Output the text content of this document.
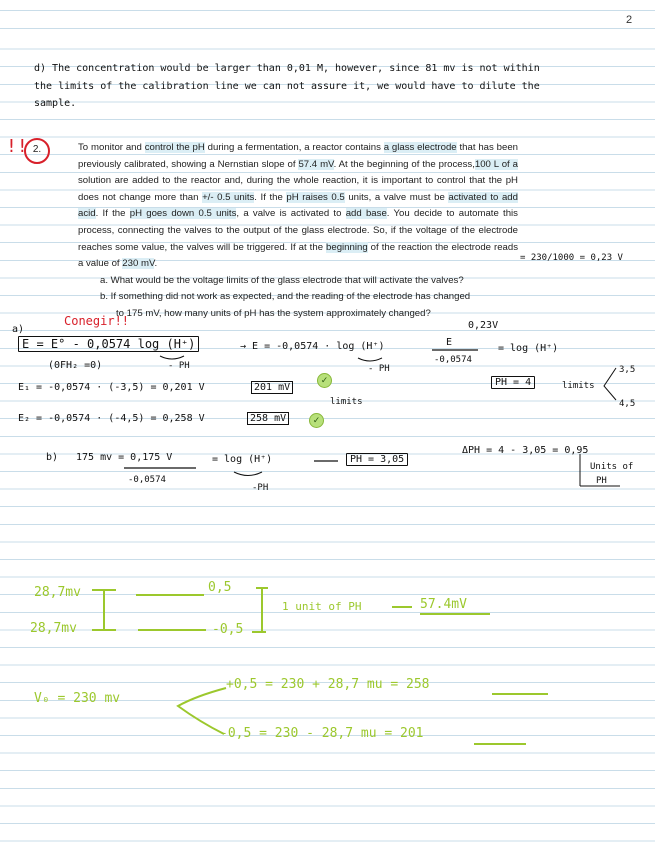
2
d) The concentration would be larger than 0,01 M, however, since 81 mv is not within
the limits of the calibration line we can not assure it, we would have to dilute the
sample.
!! 2.	To monitor and control the pH during a fermentation, a reactor contains a glass electrode that has been previously calibrated, showing a Nernstian slope of 57.4 mV. At the beginning of the process,100 L of a solution are added to the reactor and, during the whole reaction, it is important to control that the pH does not change more than +/- 0.5 units. If the pH raises 0.5 units, a valve must be activated to add acid. If the pH goes down 0.5 units, a valve is activated to add base. You decide to automate this process, connecting the valves to the output of the glass electrode. So, if the voltage of the electrode reaches some value, the valves will be triggered. If at the beginning of the reaction the electrode reads a value of 230 mV.
a. What would be the voltage limits of the glass electrode that will activate the valves?
b. If something did not work as expected, and the reading of the electrode has changed
to 175 mV, how many units of pH has the system approximately changed?
= 230/1000 = 0,23 V
a)
Conegir!!	0,23V
E = E° - 0,0574 log (H⁺)
(0FH₂ =0)	- PH
→ E = -0,0574 · log (H⁺)
- PH
E
-0,0574
= log (H⁺)
E₁ = -0,0574 · (-3,5) = 0,201 V	201 mV
✓
limits
E₂ = -0,0574 · (-4,5) = 0,258 V	258 mV	✓
PH = 4	limits
3,5
4,5
b) 175 mv = 0,175 V
-0,0574
= log (H⁺)
-PH
PH = 3,05
ΔPH = 4 - 3,05 = 0,95
Units of
PH
28,7mv
28,7mv
0,5
-0,5
1 unit of PH	57.4mV
V₀ = 230 mv
+0,5 = 230 + 28,7 mu = 258
-0,5 = 230 - 28,7 mu = 201
